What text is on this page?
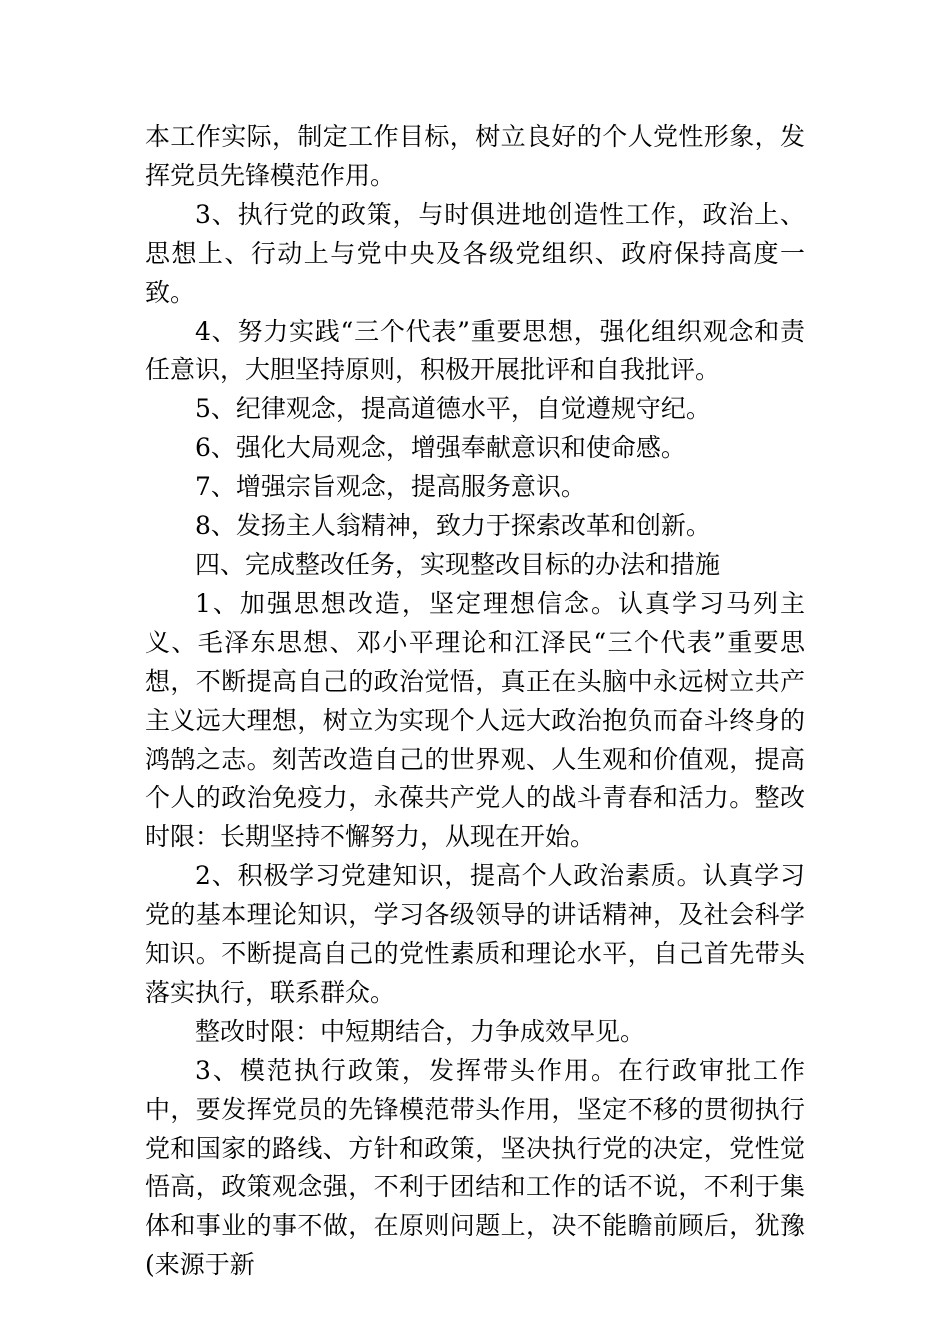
本工作实际，制定工作目标，树立良好的个人党性形象，发挥党员先锋模范作用。

3、执行党的政策，与时俱进地创造性工作，政治上、思想上、行动上与党中央及各级党组织、政府保持高度一致。

4、努力实践“三个代表”重要思想，强化组织观念和责任意识，大胆坚持原则，积极开展批评和自我批评。

5、纪律观念，提高道德水平，自觉遵规守纪。

6、强化大局观念，增强奉献意识和使命感。

7、增强宗旨观念，提高服务意识。

8、发扬主人翁精神，致力于探索改革和创新。

四、完成整改任务，实现整改目标的办法和措施

1、加强思想改造，坚定理想信念。认真学习马列主义、毛泽东思想、邓小平理论和江泽民“三个代表”重要思想，不断提高自己的政治觉悟，真正在头脑中永远树立共产主义远大理想，树立为实现个人远大政治抱负而奋斗终身的鸿鹄之志。刻苦改造自己的世界观、人生观和价值观，提高个人的政治免疫力，永葆共产党人的战斗青春和活力。整改时限：长期坚持不懈努力，从现在开始。

2、积极学习党建知识，提高个人政治素质。认真学习党的基本理论知识，学习各级领导的讲话精神，及社会科学知识。不断提高自己的党性素质和理论水平，自己首先带头落实执行，联系群众。

整改时限：中短期结合，力争成效早见。

3、模范执行政策，发挥带头作用。在行政审批工作中，要发挥党员的先锋模范带头作用，坚定不移的贯彻执行党和国家的路线、方针和政策，坚决执行党的决定，党性觉悟高，政策观念强，不利于团结和工作的话不说，不利于集体和事业的事不做，在原则问题上，决不能瞻前顾后，犹豫(来源于新
